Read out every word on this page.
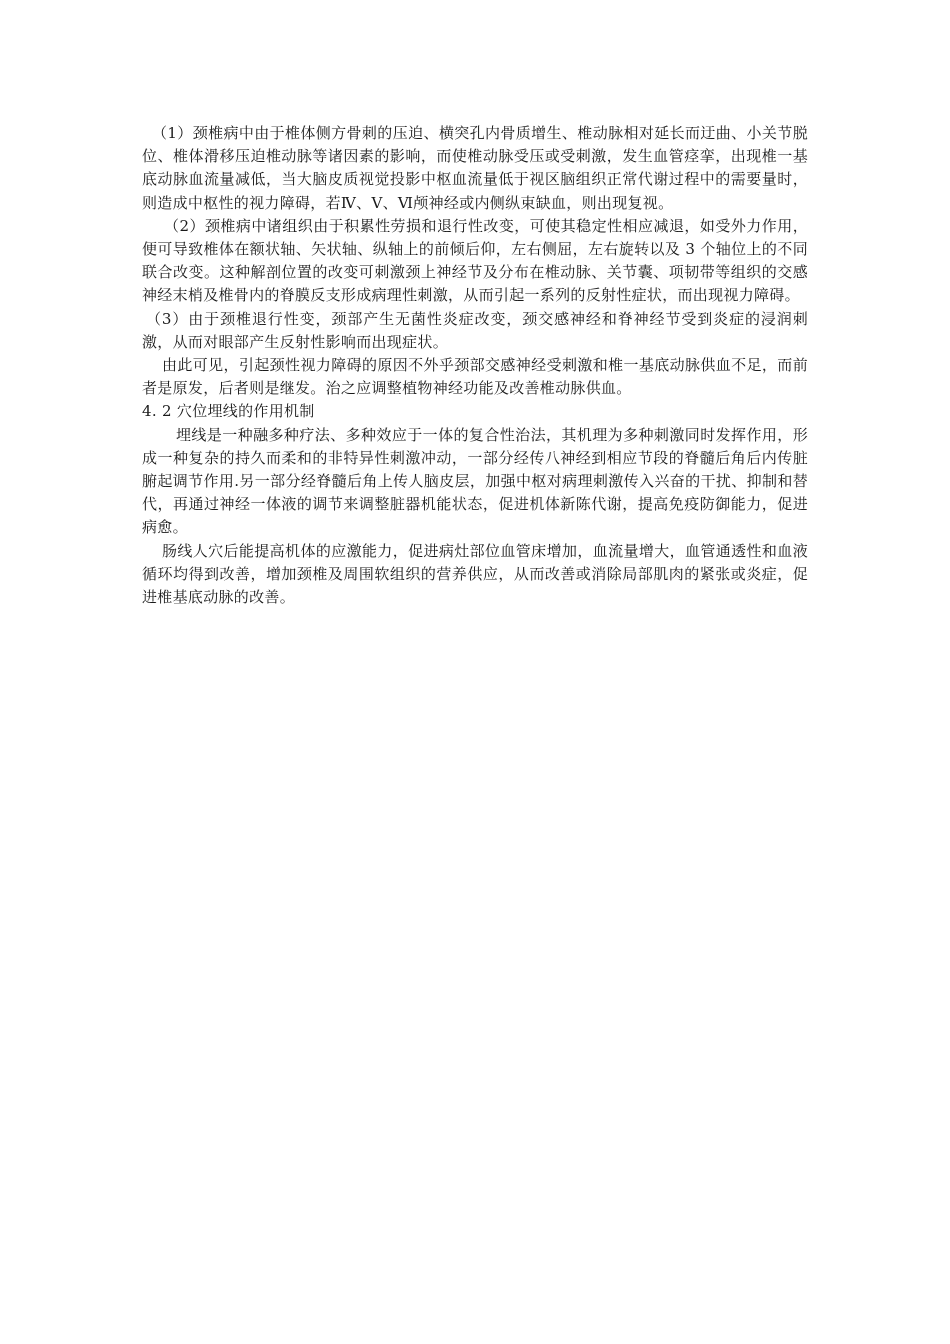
（1）颈椎病中由于椎体侧方骨刺的压迫、横突孔内骨质增生、椎动脉相对延长而迂曲、小关节脱位、椎体滑移压迫椎动脉等诸因素的影响，而使椎动脉受压或受刺激，发生血管痉挛，出现椎一基底动脉血流量减低，当大脑皮质视觉投影中枢血流量低于视区脑组织正常代谢过程中的需要量时，则造成中枢性的视力障碍，若Ⅳ、Ⅴ、Ⅵ颅神经或内侧纵束缺血，则出现复视。

（2）颈椎病中诸组织由于积累性劳损和退行性改变，可使其稳定性相应减退，如受外力作用，便可导致椎体在额状轴、矢状轴、纵轴上的前倾后仰，左右侧屈，左右旋转以及 3 个轴位上的不同联合改变。这种解剖位置的改变可刺激颈上神经节及分布在椎动脉、关节囊、项韧带等组织的交感神经末梢及椎骨内的脊膜反支形成病理性刺激，从而引起一系列的反射性症状，而出现视力障碍。

（3）由于颈椎退行性变，颈部产生无菌性炎症改变，颈交感神经和脊神经节受到炎症的浸润刺激，从而对眼部产生反射性影响而出现症状。

由此可见，引起颈性视力障碍的原因不外乎颈部交感神经受刺激和椎一基底动脉供血不足，而前者是原发，后者则是继发。治之应调整植物神经功能及改善椎动脉供血。

4. 2 穴位埋线的作用机制

埋线是一种融多种疗法、多种效应于一体的复合性治法，其机理为多种刺激同时发挥作用，形成一种复杂的持久而柔和的非特异性刺激冲动，一部分经传八神经到相应节段的脊髓后角后内传脏腑起调节作用.另一部分经脊髓后角上传人脑皮层，加强中枢对病理刺激传入兴奋的干扰、抑制和替代，再通过神经一体液的调节来调整脏器机能状态，促进机体新陈代谢，提高免疫防御能力，促进病愈。

肠线人穴后能提高机体的应激能力，促进病灶部位血管床增加，血流量增大，血管通透性和血液循环均得到改善，增加颈椎及周围软组织的营养供应，从而改善或消除局部肌肉的紧张或炎症，促进椎基底动脉的改善。
